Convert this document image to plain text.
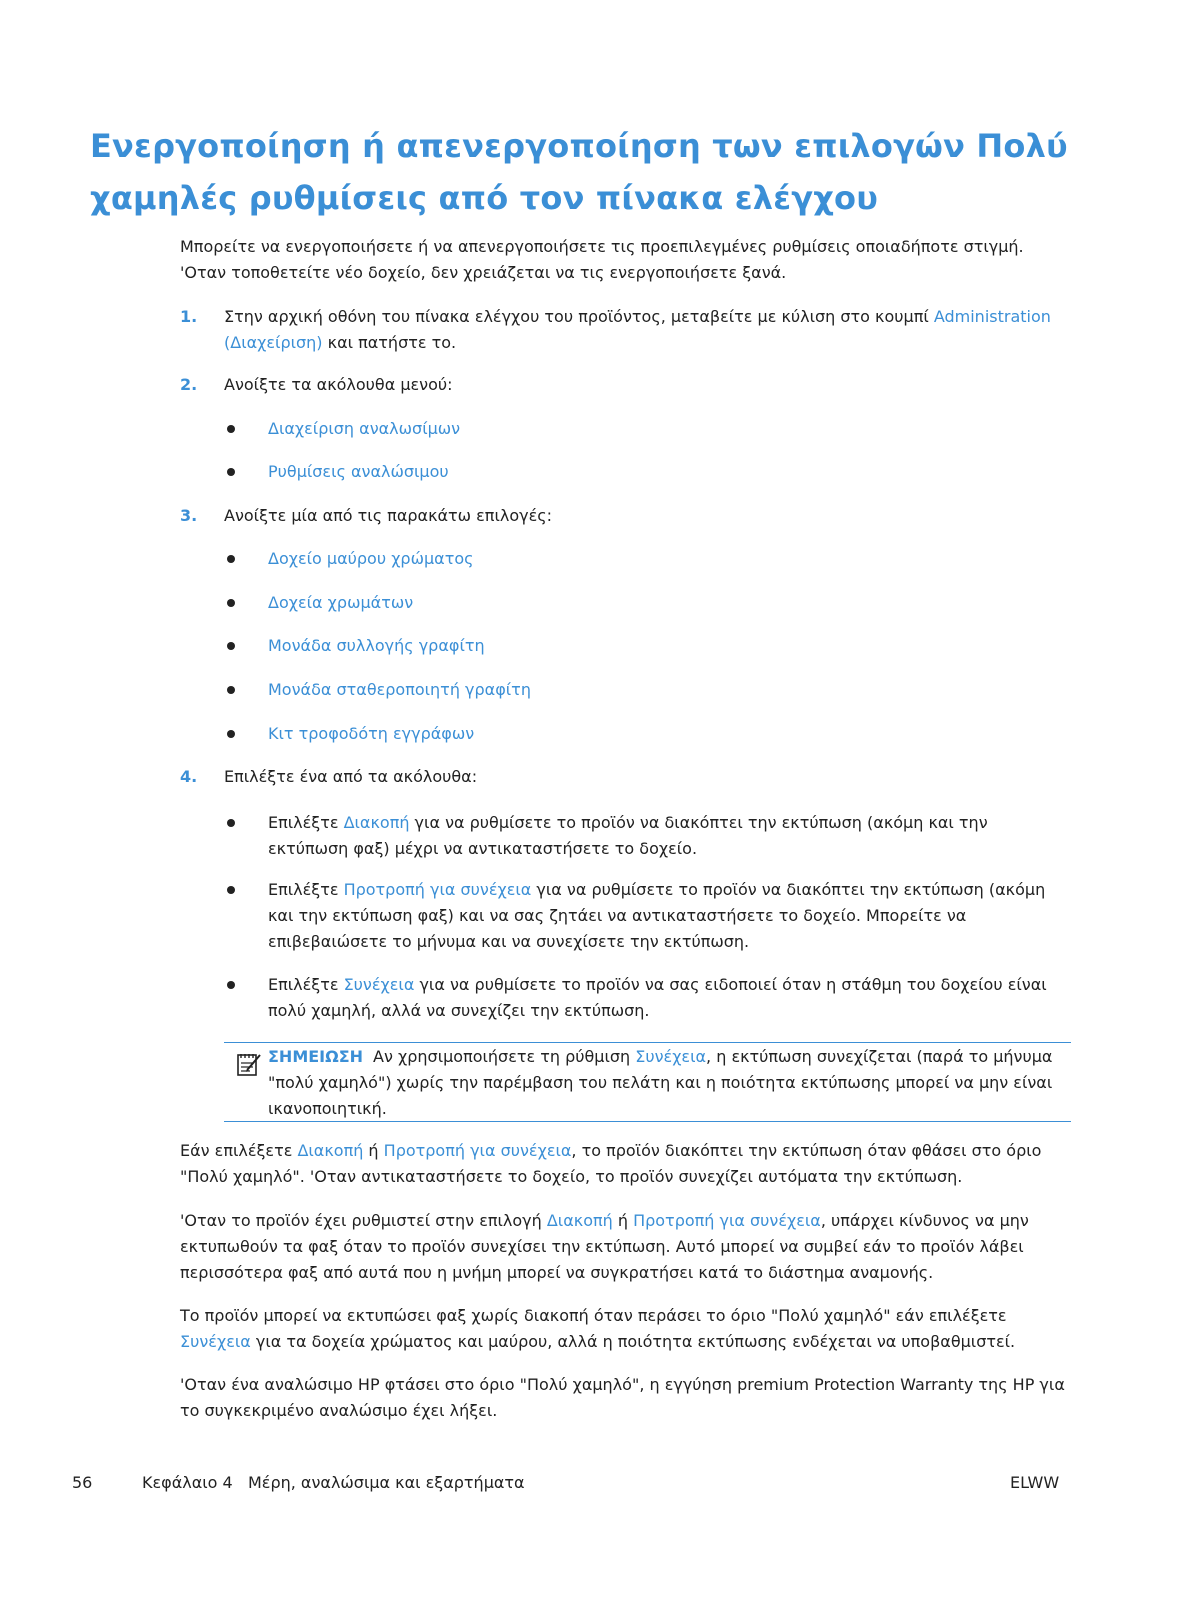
Ενεργοποίηση ή απενεργοποίηση των επιλογών Πολύ χαμηλές ρυθμίσεις από τον πίνακα ελέγχου

Μπορείτε να ενεργοποιήσετε ή να απενεργοποιήσετε τις προεπιλεγμένες ρυθμίσεις οποιαδήποτε στιγμή. 'Οταν τοποθετείτε νέο δοχείο, δεν χρειάζεται να τις ενεργοποιήσετε ξανά.

1. Στην αρχική οθόνη του πίνακα ελέγχου του προϊόντος, μεταβείτε με κύλιση στο κουμπί Administration (Διαχείριση) και πατήστε το.

2. Ανοίξτε τα ακόλουθα μενού:

Διαχείριση αναλωσίμων

Ρυθμίσεις αναλώσιμου

3. Ανοίξτε μία από τις παρακάτω επιλογές:

Δοχείο μαύρου χρώματος

Δοχεία χρωμάτων

Μονάδα συλλογής γραφίτη

Μονάδα σταθεροποιητή γραφίτη

Κιτ τροφοδότη εγγράφων

4. Επιλέξτε ένα από τα ακόλουθα:

Επιλέξτε Διακοπή για να ρυθμίσετε το προϊόν να διακόπτει την εκτύπωση (ακόμη και την εκτύπωση φαξ) μέχρι να αντικαταστήσετε το δοχείο.

Επιλέξτε Προτροπή για συνέχεια για να ρυθμίσετε το προϊόν να διακόπτει την εκτύπωση (ακόμη και την εκτύπωση φαξ) και να σας ζητάει να αντικαταστήσετε το δοχείο. Μπορείτε να επιβεβαιώσετε το μήνυμα και να συνεχίσετε την εκτύπωση.

Επιλέξτε Συνέχεια για να ρυθμίσετε το προϊόν να σας ειδοποιεί όταν η στάθμη του δοχείου είναι πολύ χαμηλή, αλλά να συνεχίζει την εκτύπωση.

ΣΗΜΕΙΩΣΗ Αν χρησιμοποιήσετε τη ρύθμιση Συνέχεια, η εκτύπωση συνεχίζεται (παρά το μήνυμα "πολύ χαμηλό") χωρίς την παρέμβαση του πελάτη και η ποιότητα εκτύπωσης μπορεί να μην είναι ικανοποιητική.

Εάν επιλέξετε Διακοπή ή Προτροπή για συνέχεια, το προϊόν διακόπτει την εκτύπωση όταν φθάσει στο όριο "Πολύ χαμηλό". 'Οταν αντικαταστήσετε το δοχείο, το προϊόν συνεχίζει αυτόματα την εκτύπωση.

'Οταν το προϊόν έχει ρυθμιστεί στην επιλογή Διακοπή ή Προτροπή για συνέχεια, υπάρχει κίνδυνος να μην εκτυπωθούν τα φαξ όταν το προϊόν συνεχίσει την εκτύπωση. Αυτό μπορεί να συμβεί εάν το προϊόν λάβει περισσότερα φαξ από αυτά που η μνήμη μπορεί να συγκρατήσει κατά το διάστημα αναμονής.

Το προϊόν μπορεί να εκτυπώσει φαξ χωρίς διακοπή όταν περάσει το όριο "Πολύ χαμηλό" εάν επιλέξετε Συνέχεια για τα δοχεία χρώματος και μαύρου, αλλά η ποιότητα εκτύπωσης ενδέχεται να υποβαθμιστεί.

'Οταν ένα αναλώσιμο HP φτάσει στο όριο "Πολύ χαμηλό", η εγγύηση premium Protection Warranty της HP για το συγκεκριμένο αναλώσιμο έχει λήξει.

56	Κεφάλαιο 4   Μέρη, αναλώσιμα και εξαρτήματα	ELWW
